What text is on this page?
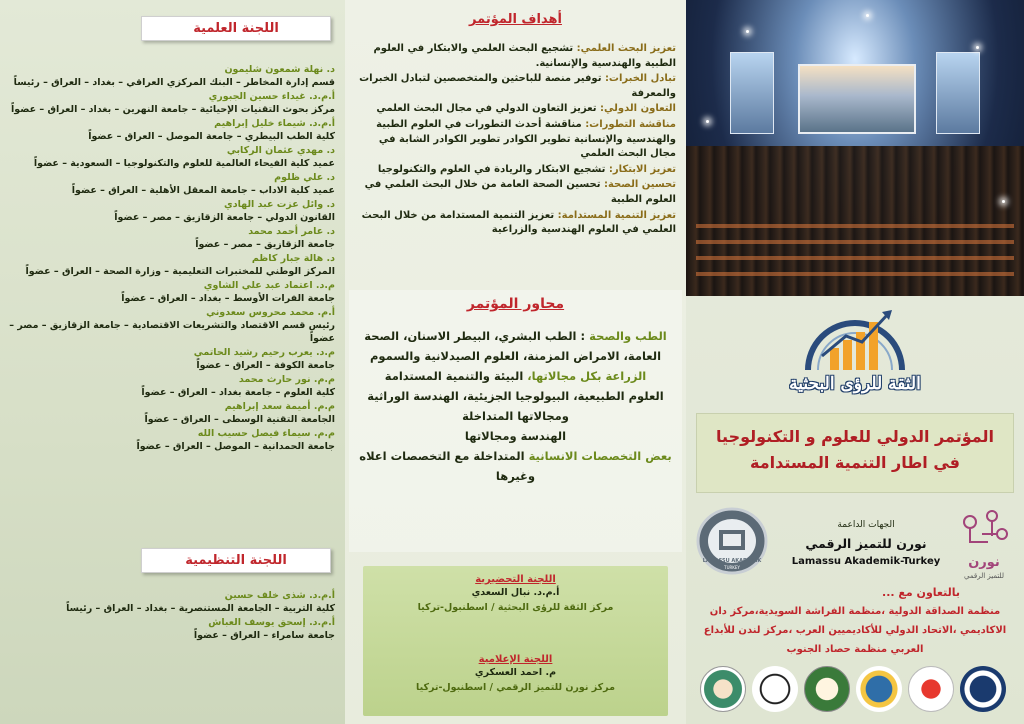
اللجنة العلمية
د. نهلة شمعون شليمون
قسم إدارة المخاطر – البنك المركزي العراقي – بغداد – العراق – رئيساً
أ.م.د. غيداء حسين الجبوري
مركز بحوث التقنيات الإحيائية – جامعة النهرين – بغداد – العراق – عضواً
أ.م.د. شيماء خليل إبراهيم
كلية الطب البيطري – جامعة الموصل – العراق – عضواً
د. مهدي عثمان الركابي
عميد كلية الفيحاء العالمية للعلوم والتكنولوجيا – السعودية – عضواً
د. علي ظلوم
عميد كلية الاداب – جامعة المعقل الأهلية – العراق – عضواً
د. وائل عزت عبد الهادي
القانون الدولي – جامعة الزقازيق – مصر – عضواً
د. عامر أحمد محمد
جامعة الزقازيق – مصر – عضواً
د. هالة جبار كاظم
المركز الوطني للمختبرات التعليمية – وزارة الصحة – العراق – عضواً
م.د. اعتماد عبد علي الشاوي
جامعة الفرات الأوسط – بغداد – العراق – عضواً
أ.م. محمد محروس سعدوني
رئيس قسم الاقتصاد والتشريعات الاقتصادية – جامعة الزقازيق – مصر – عضواً
م.د. يعرب رحيم رشيد الحاتمي
جامعة الكوفة – العراق – عضواً
م.م. نور حارث محمد
كلية العلوم – جامعة بغداد – العراق – عضواً
م.م. أميمة سعد إبراهيم
الجامعة التقنية الوسطى – العراق – عضواً
م.م. سيماء فيصل حسيب الله
جامعة الحمدانية – الموصل – العراق – عضواً
اللجنة التنظيمية
أ.م.د. شذى خلف حسين
كلية التربية – الجامعة المستنصرية – بغداد – العراق – رئيساً
أ.م.د. إسحق يوسف العباش
جامعة سامراء – العراق – عضواً
أهداف المؤتمر
تعزيز البحث العلمي: تشجيع البحث العلمي والابتكار في العلوم الطبية والهندسية والإنسانية.
تبادل الخبرات: توفير منصة للباحثين والمتخصصين لتبادل الخبرات والمعرفة
التعاون الدولي: تعزيز التعاون الدولي في مجال البحث العلمي
مناقشة التطورات: مناقشة أحدث التطورات في العلوم الطبية والهندسية والإنسانية تطوير الكوادر تطوير الكوادر الشابة في مجال البحث العلمي
تعزيز الابتكار: تشجيع الابتكار والريادة في العلوم والتكنولوجيا
تحسين الصحة: تحسين الصحة العامة من خلال البحث العلمي في العلوم الطبية
تعزيز التنمية المستدامة: تعزيز التنمية المستدامة من خلال البحث العلمي في العلوم الهندسية والزراعية
محاور المؤتمر
الطب والصحة : الطب البشري، البيطر الاسنان، الصحة العامة، الامراض المزمنة، العلوم الصيدلانية والسموم
الزراعة بكل مجالاتها، البيئة والتنمية المستدامة
العلوم الطبيعية، البيولوجيا الجزيئية، الهندسة الوراثية ومجالاتها المتداخلة
الهندسة ومجالاتها
بعض التخصصات الانسانية المتداخلة مع التخصصات اعلاه وغيرها
اللجنة التحضيرية
أ.م.د. نبال السعدي
مركز الثقة للرؤى البحثية / اسطنبول-تركيا
اللجنة الإعلامية
م. احمد العسكري
مركز نورن للتميز الرقمي / اسطنبول-تركيا
الثقة للرؤى البحثية
المؤتمر الدولي للعلوم و التكنولوجيا
في اطار التنمية المستدامة
LAMASSU AKADEMİK
TURKEY
الجهات الداعمة
نورن للتميز الرقمي
Lamassu Akademik-Turkey	نورن
للتميز الرقمي
بالتعاون مع ...
منظمة الصداقة الدولية ،منظمة الفراشة السويدية،مركز دان الاكاديمي ،الاتحاد الدولي للأكاديميين العرب ،مركز لندن للأبداع العربي منظمة حصاد الجنوب
